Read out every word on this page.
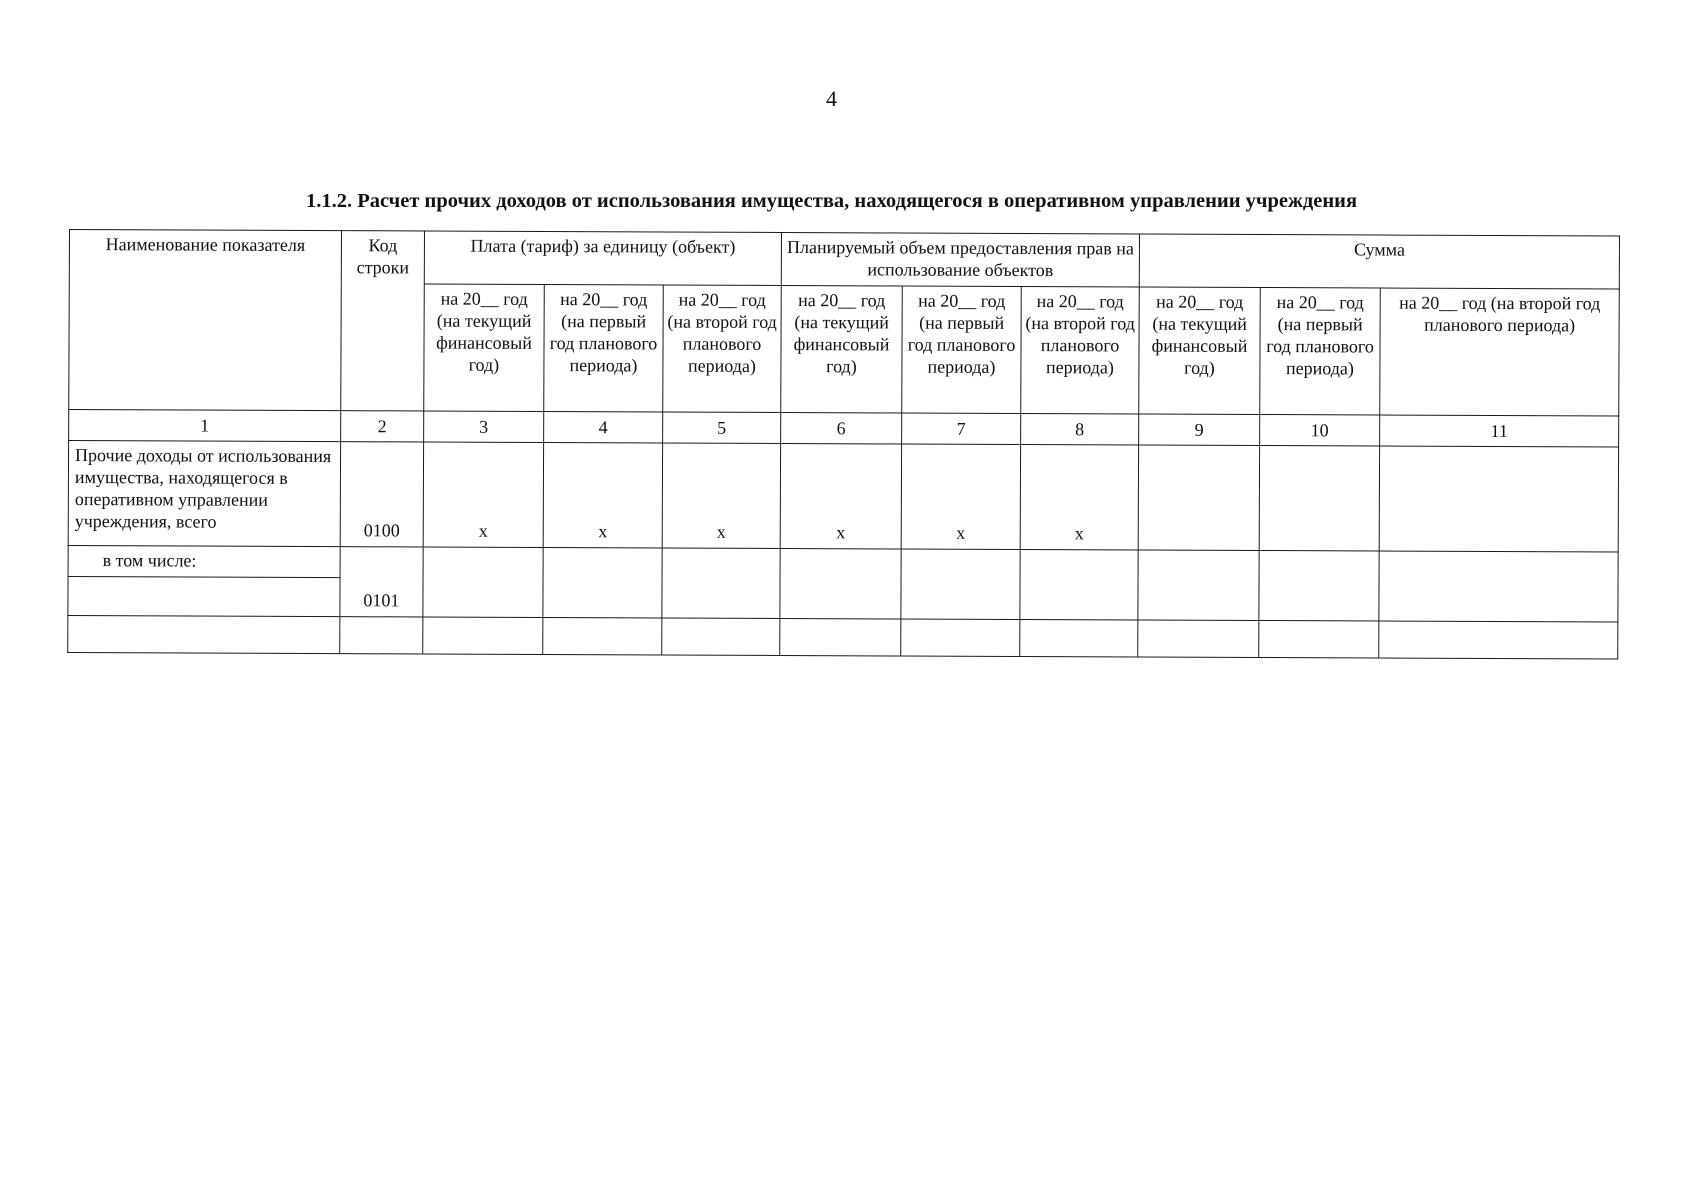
4
1.1.2. Расчет прочих доходов от использования имущества, находящегося в оперативном управлении учреждения
Наименование показателя	Код строки	Плата (тариф) за единицу (объект)			Планируемый объем предоставления прав на использование объектов			Сумма		
		на 20__ год (на текущий финансовый год)	на 20__ год (на первый год планового периода)	на 20__ год (на второй год планового периода)	на 20__ год (на текущий финансовый год)	на 20__ год (на первый год планового периода)	на 20__ год (на второй год планового периода)	на 20__ год (на текущий финансовый год)	на 20__ год (на первый год планового периода)	на 20__ год (на второй год планового периода)
1	2	3	4	5	6	7	8	9	10	11
Прочие доходы от использования имущества, находящегося в оперативном управлении учреждения, всего	0100	x	x	x	x	x	x			
в том числе:	0101									
